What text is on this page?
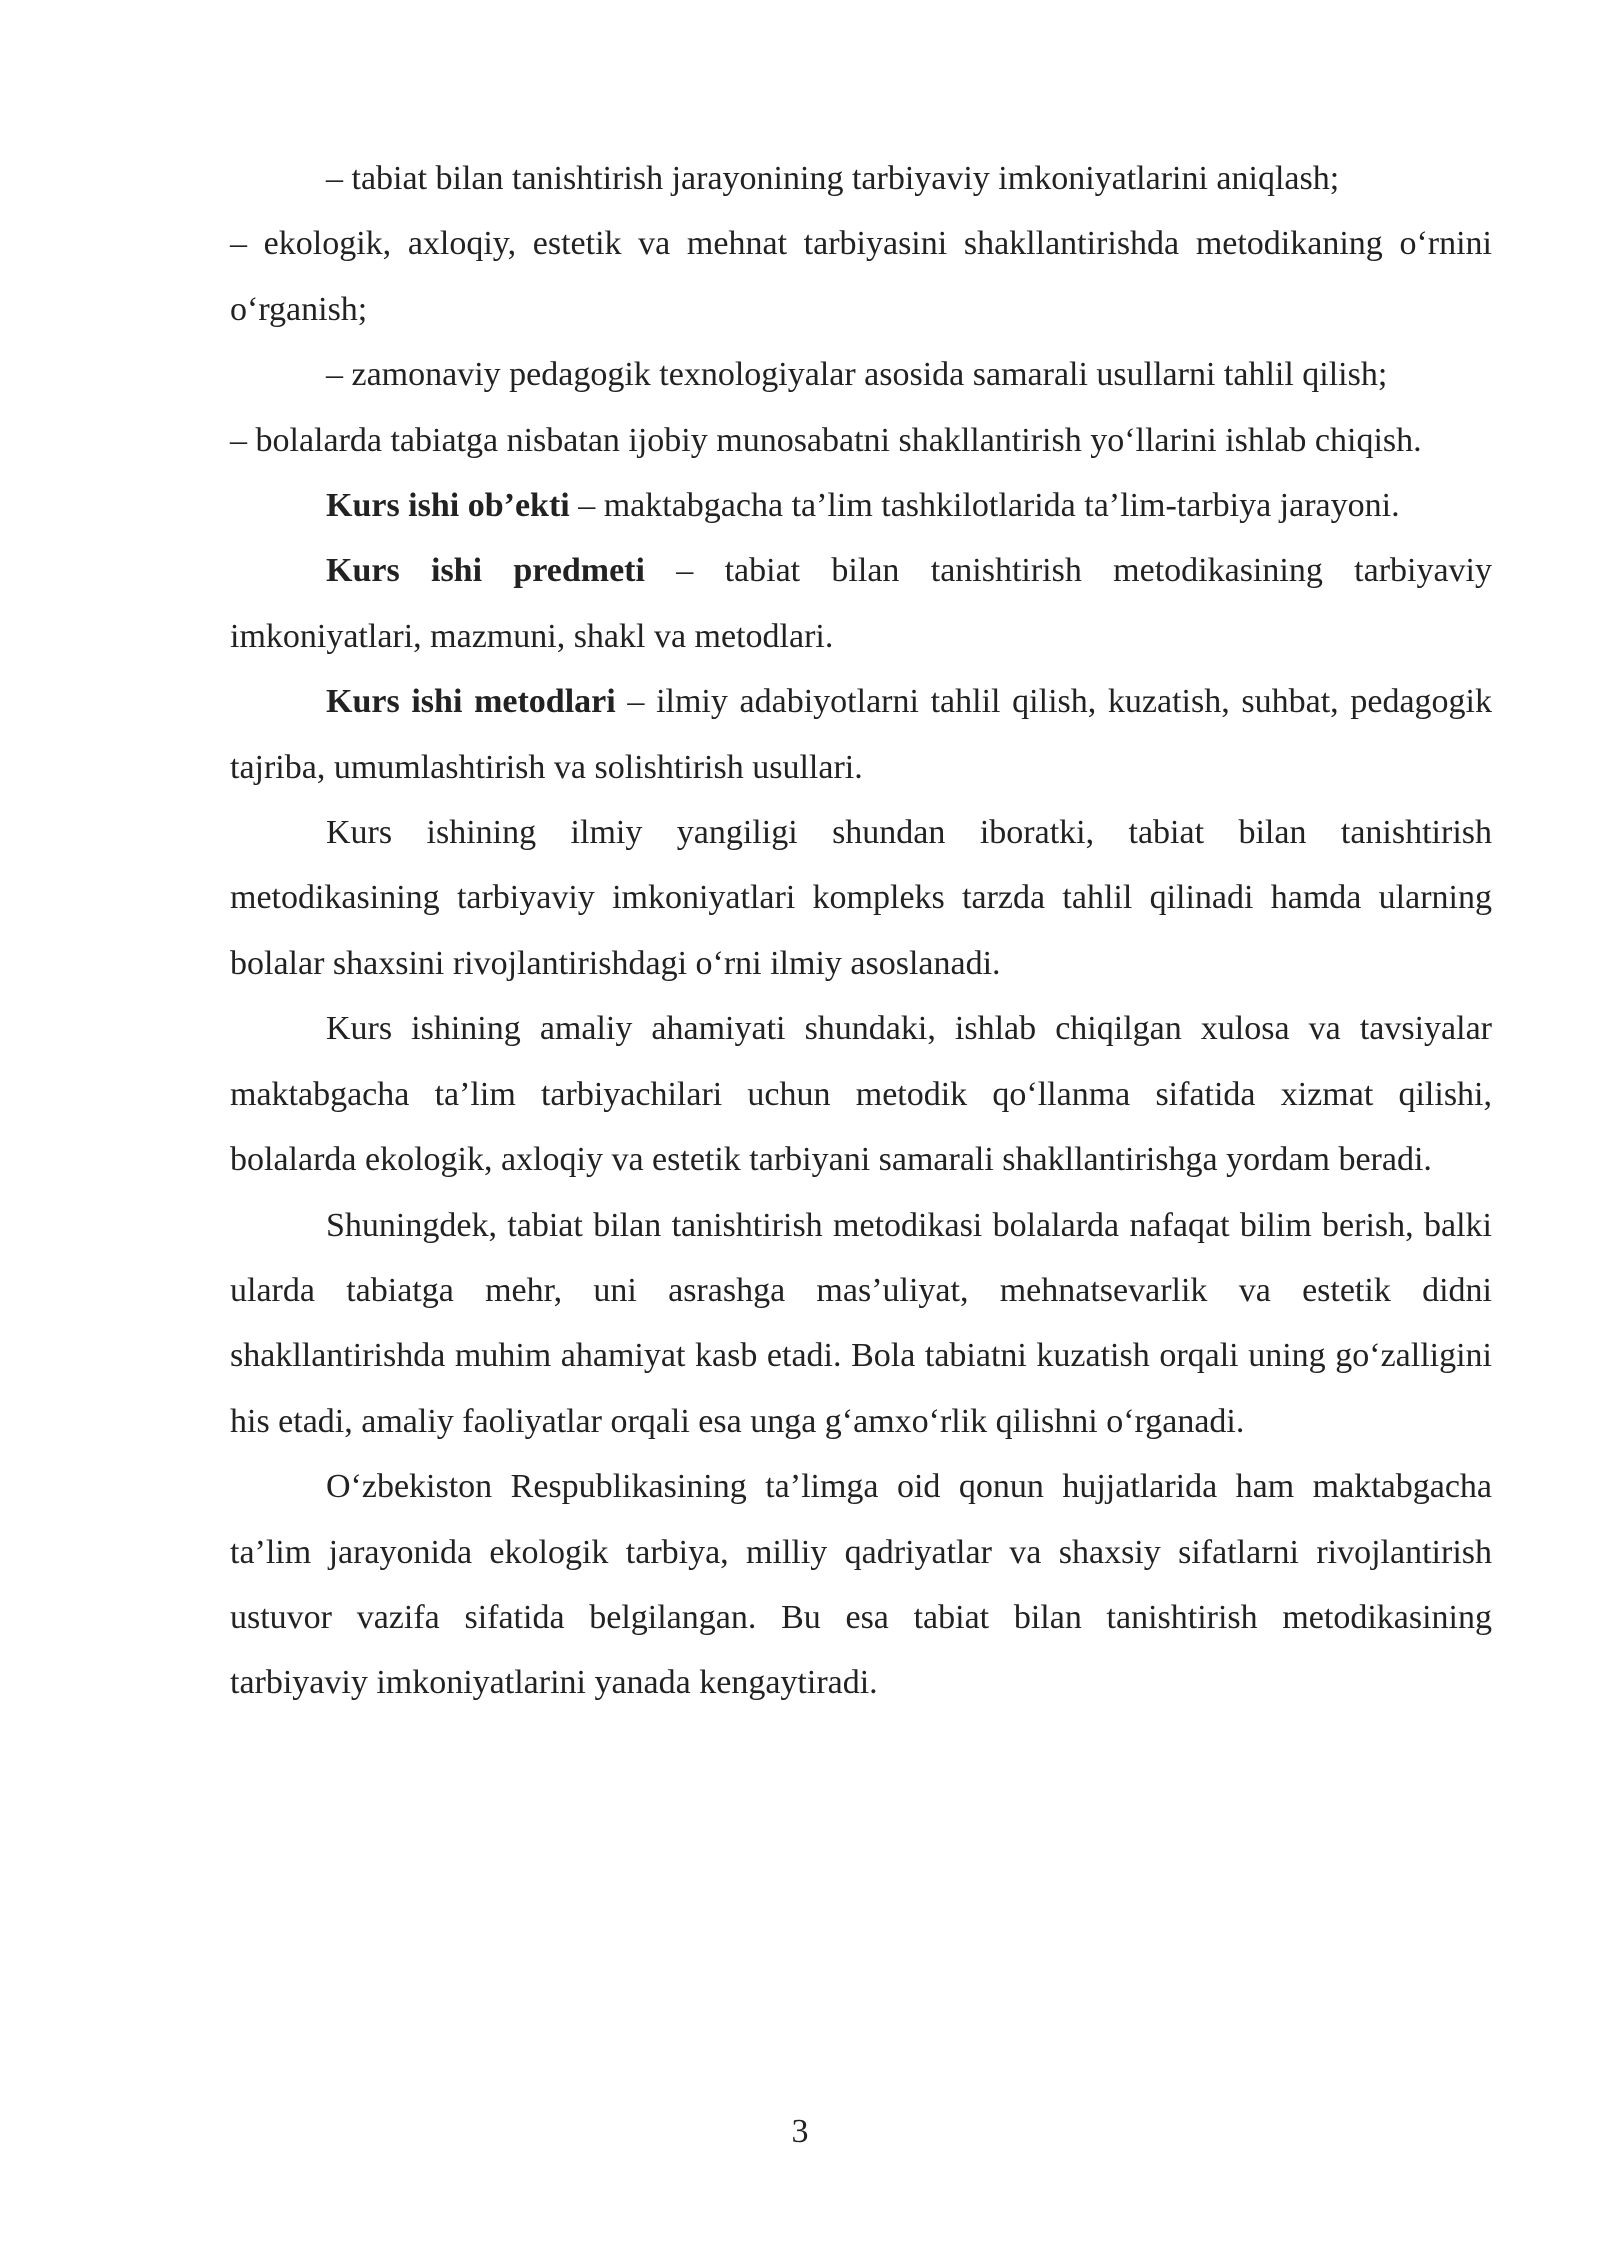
– tabiat bilan tanishtirish jarayonining tarbiyaviy imkoniyatlarini aniqlash;

– ekologik, axloqiy, estetik va mehnat tarbiyasini shakllantirishda metodikaning o‘rnini o‘rganish;

– zamonaviy pedagogik texnologiyalar asosida samarali usullarni tahlil qilish;

– bolalarda tabiatga nisbatan ijobiy munosabatni shakllantirish yo‘llarini ishlab chiqish.

Kurs ishi ob’ekti – maktabgacha ta’lim tashkilotlarida ta’lim-tarbiya jarayoni.

Kurs ishi predmeti – tabiat bilan tanishtirish metodikasining tarbiyaviy imkoniyatlari, mazmuni, shakl va metodlari.

Kurs ishi metodlari – ilmiy adabiyotlarni tahlil qilish, kuzatish, suhbat, pedagogik tajriba, umumlashtirish va solishtirish usullari.

Kurs ishining ilmiy yangiligi shundan iboratki, tabiat bilan tanishtirish metodikasining tarbiyaviy imkoniyatlari kompleks tarzda tahlil qilinadi hamda ularning bolalar shaxsini rivojlantirishdagi o‘rni ilmiy asoslanadi.

Kurs ishining amaliy ahamiyati shundaki, ishlab chiqilgan xulosa va tavsiyalar maktabgacha ta’lim tarbiyachilari uchun metodik qo‘llanma sifatida xizmat qilishi, bolalarda ekologik, axloqiy va estetik tarbiyani samarali shakllantirishga yordam beradi.

Shuningdek, tabiat bilan tanishtirish metodikasi bolalarda nafaqat bilim berish, balki ularda tabiatga mehr, uni asrashga mas’uliyat, mehnatsevarlik va estetik didni shakllantirishda muhim ahamiyat kasb etadi. Bola tabiatni kuzatish orqali uning go‘zalligini his etadi, amaliy faoliyatlar orqali esa unga g‘amxo‘rlik qilishni o‘rganadi.

O‘zbekiston Respublikasining ta’limga oid qonun hujjatlarida ham maktabgacha ta’lim jarayonida ekologik tarbiya, milliy qadriyatlar va shaxsiy sifatlarni rivojlantirish ustuvor vazifa sifatida belgilangan. Bu esa tabiat bilan tanishtirish metodikasining tarbiyaviy imkoniyatlarini yanada kengaytiradi.

3
